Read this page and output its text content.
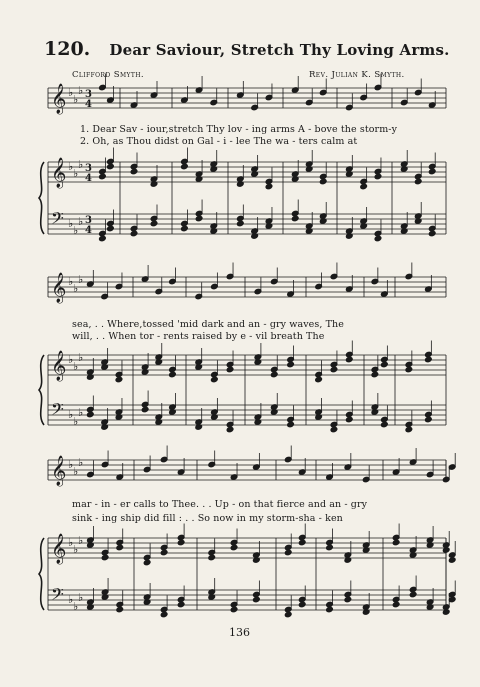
120. Dear Saviour, Stretch Thy Loving Arms.
Clifford Smyth.	Rev. Julian K. Smyth.
𝄞
𝄞
𝄢
♭
♭
♭
♭
♭
♭
♭
♭
♭
3
4
3
4
3
4
𝄞
𝄞
𝄢
♭
♭
♭
♭
♭
♭
♭
♭
♭
𝄞
𝄞
𝄢
♭
♭
♭
♭
♭
♭
♭
♭
♭
1. Dear Sav - iour,stretch Thy lov - ing arms A - bove the storm-y
2. Oh, as Thou didst on Gal - i - lee The wa - ters calm at
sea, . . Where,tossed 'mid dark and an - gry waves, The
will, . . When tor - rents raised by e - vil breath The
mar - in - er calls to Thee. . . Up - on that fierce and an - gry
sink - ing ship did fill : . . So now in my storm-sha - ken
136
